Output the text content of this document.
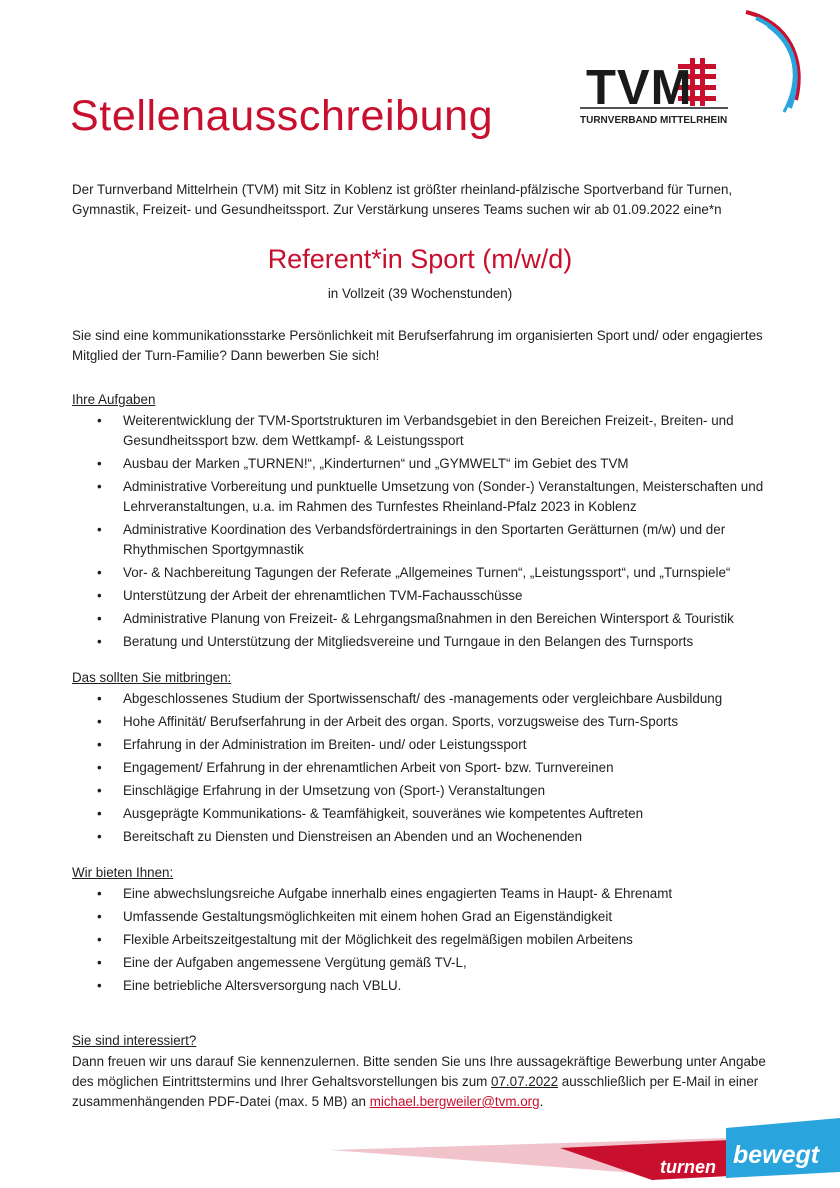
TVM
TURNVERBAND MITTELRHEIN
Stellenausschreibung

Der Turnverband Mittelrhein (TVM) mit Sitz in Koblenz ist größter rheinland-pfälzische Sportverband für Turnen, Gymnastik, Freizeit- und Gesundheitssport. Zur Verstärkung unseres Teams suchen wir ab 01.09.2022 eine*n

Referent*in Sport (m/w/d)
in Vollzeit (39 Wochenstunden)

Sie sind eine kommunikationsstarke Persönlichkeit mit Berufserfahrung im organisierten Sport und/ oder engagiertes Mitglied der Turn-Familie? Dann bewerben Sie sich!

Ihre Aufgaben
• Weiterentwicklung der TVM-Sportstrukturen im Verbandsgebiet in den Bereichen Freizeit-, Breiten- und Gesundheitssport bzw. dem Wettkampf- & Leistungssport
• Ausbau der Marken „TURNEN!“, „Kinderturnen“ und „GYMWELT“ im Gebiet des TVM
• Administrative Vorbereitung und punktuelle Umsetzung von (Sonder-) Veranstaltungen, Meisterschaften und Lehrveranstaltungen, u.a. im Rahmen des Turnfestes Rheinland-Pfalz 2023 in Koblenz
• Administrative Koordination des Verbandsfördertrainings in den Sportarten Gerätturnen (m/w) und der Rhythmischen Sportgymnastik
• Vor- & Nachbereitung Tagungen der Referate „Allgemeines Turnen“, „Leistungssport“, und „Turnspiele“
• Unterstützung der Arbeit der ehrenamtlichen TVM-Fachausschüsse
• Administrative Planung von Freizeit- & Lehrgangsmaßnahmen in den Bereichen Wintersport & Touristik
• Beratung und Unterstützung der Mitgliedsvereine und Turngaue in den Belangen des Turnsports
Das sollten Sie mitbringen:
• Abgeschlossenes Studium der Sportwissenschaft/ des -managements oder vergleichbare Ausbildung
• Hohe Affinität/ Berufserfahrung in der Arbeit des organ. Sports, vorzugsweise des Turn-Sports
• Erfahrung in der Administration im Breiten- und/ oder Leistungssport
• Engagement/ Erfahrung in der ehrenamtlichen Arbeit von Sport- bzw. Turnvereinen
• Einschlägige Erfahrung in der Umsetzung von (Sport-) Veranstaltungen
• Ausgeprägte Kommunikations- & Teamfähigkeit, souveränes wie kompetentes Auftreten
• Bereitschaft zu Diensten und Dienstreisen an Abenden und an Wochenenden
Wir bieten Ihnen:
• Eine abwechslungsreiche Aufgabe innerhalb eines engagierten Teams in Haupt- & Ehrenamt
• Umfassende Gestaltungsmöglichkeiten mit einem hohen Grad an Eigenständigkeit
• Flexible Arbeitszeitgestaltung mit der Möglichkeit des regelmäßigen mobilen Arbeitens
• Eine der Aufgaben angemessene Vergütung gemäß TV-L,
• Eine betriebliche Altersversorgung nach VBLU.
Sie sind interessiert?

Dann freuen wir uns darauf Sie kennenzulernen. Bitte senden Sie uns Ihre aussagekräftige Bewerbung unter Angabe des möglichen Eintrittstermins und Ihrer Gehaltsvorstellungen bis zum 07.07.2022 ausschließlich per E-Mail in einer zusammenhängenden PDF-Datei (max. 5 MB) an michael.bergweiler@tvm.org.

turnen bewegt
